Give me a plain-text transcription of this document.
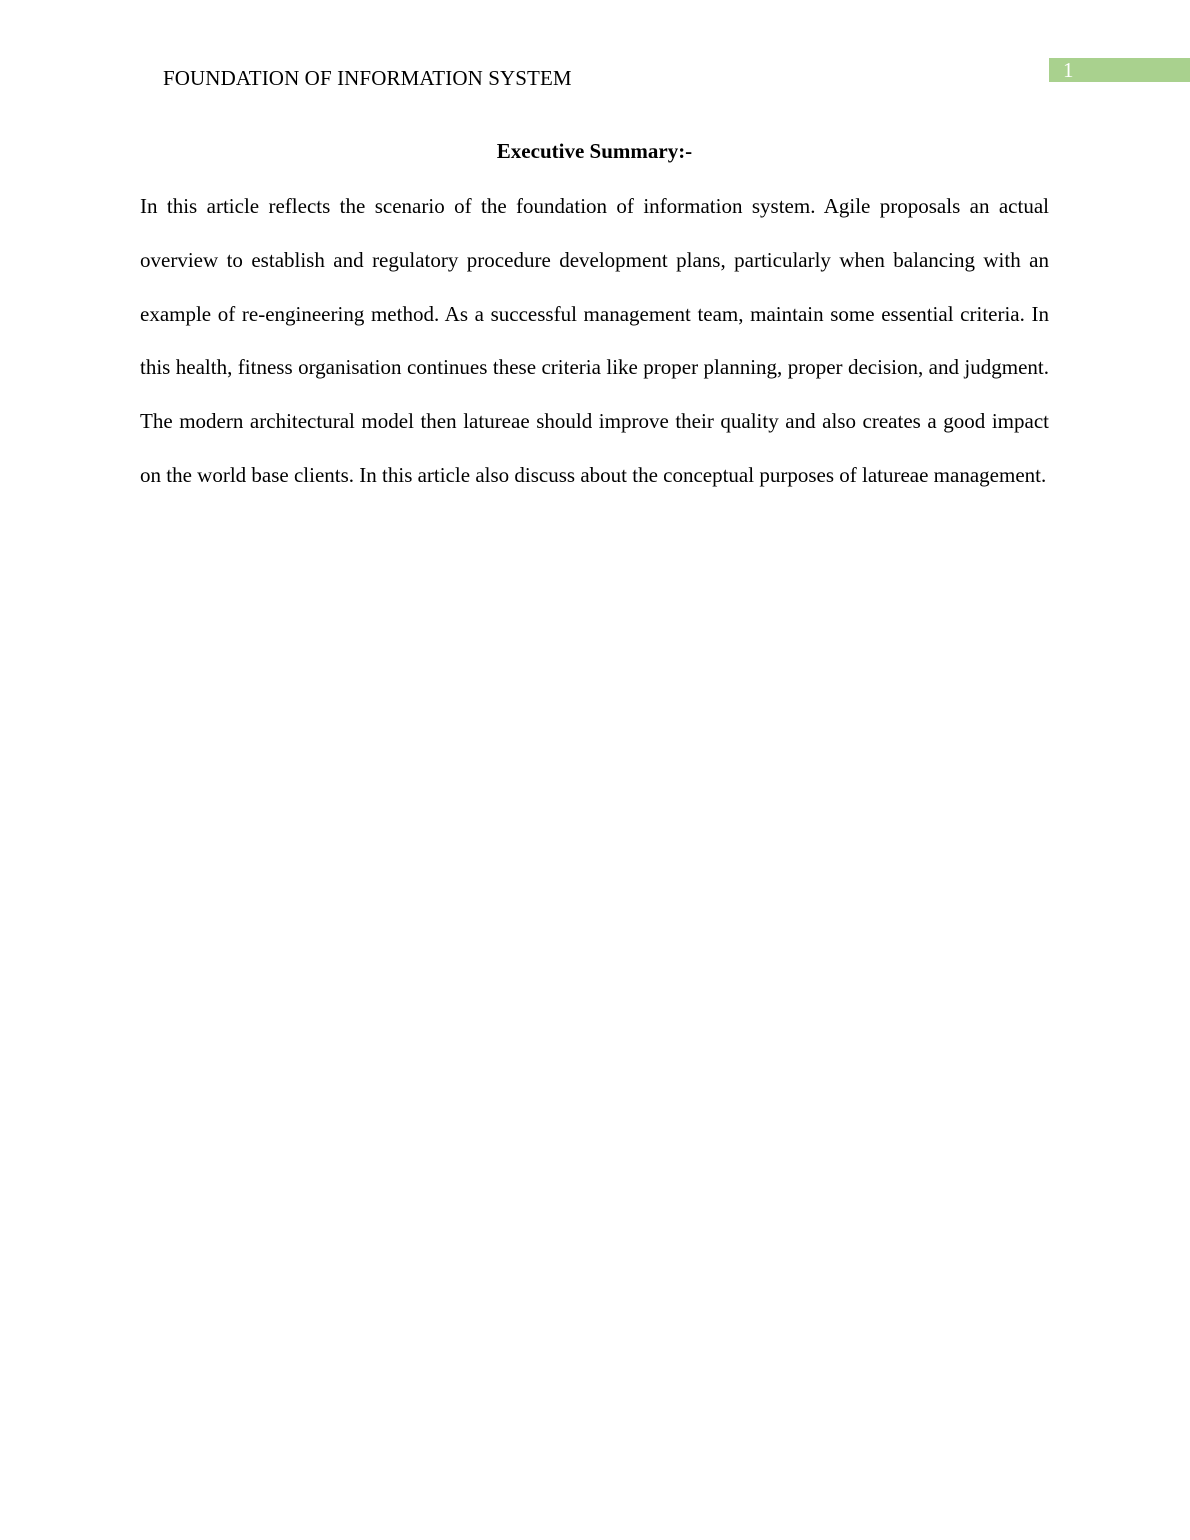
FOUNDATION OF INFORMATION SYSTEM	1
Executive Summary:-

In this article reflects the scenario of the foundation of information system. Agile proposals an actual overview to establish and regulatory procedure development plans, particularly when balancing with an example of re-engineering method. As a successful management team, maintain some essential criteria. In this health, fitness organisation continues these criteria like proper planning, proper decision, and judgment. The modern architectural model then latureae should improve their quality and also creates a good impact on the world base clients. In this article also discuss about the conceptual purposes of latureae management.
